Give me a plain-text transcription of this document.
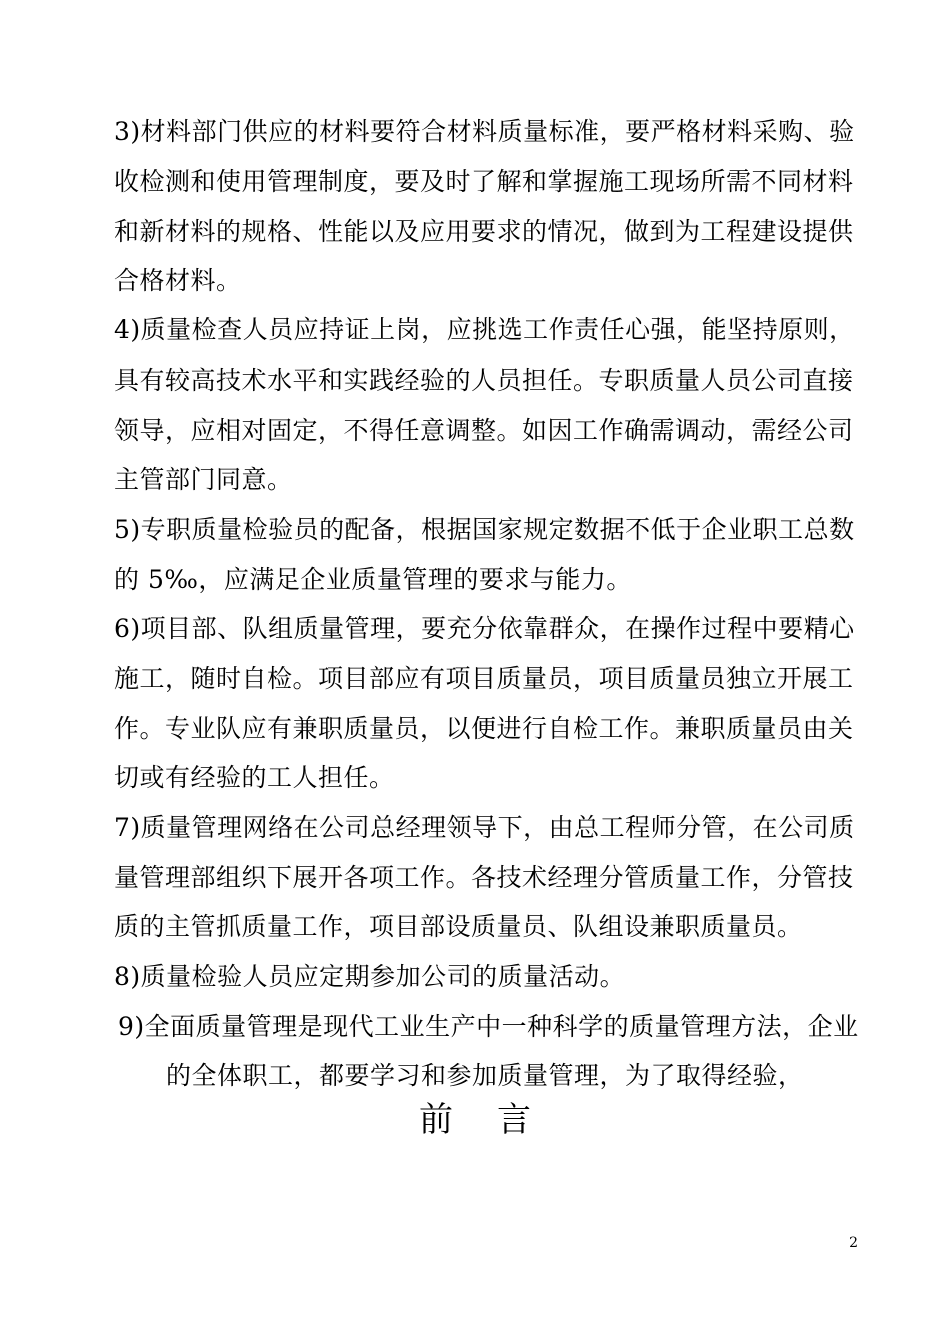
3)材料部门供应的材料要符合材料质量标准，要严格材料采购、验
收检测和使用管理制度，要及时了解和掌握施工现场所需不同材料
和新材料的规格、性能以及应用要求的情况，做到为工程建设提供
合格材料。
4)质量检查人员应持证上岗，应挑选工作责任心强，能坚持原则，
具有较高技术水平和实践经验的人员担任。专职质量人员公司直接
领导，应相对固定，不得任意调整。如因工作确需调动，需经公司
主管部门同意。
5)专职质量检验员的配备，根据国家规定数据不低于企业职工总数
的 5‰，应满足企业质量管理的要求与能力。
6)项目部、队组质量管理，要充分依靠群众，在操作过程中要精心
施工，随时自检。项目部应有项目质量员，项目质量员独立开展工
作。专业队应有兼职质量员，以便进行自检工作。兼职质量员由关
切或有经验的工人担任。
7)质量管理网络在公司总经理领导下，由总工程师分管，在公司质
量管理部组织下展开各项工作。各技术经理分管质量工作，分管技
质的主管抓质量工作，项目部设质量员、队组设兼职质量员。
8)质量检验人员应定期参加公司的质量活动。
9)全面质量管理是现代工业生产中一种科学的质量管理方法，企业
的全体职工，都要学习和参加质量管理，为了取得经验，
前言
2
